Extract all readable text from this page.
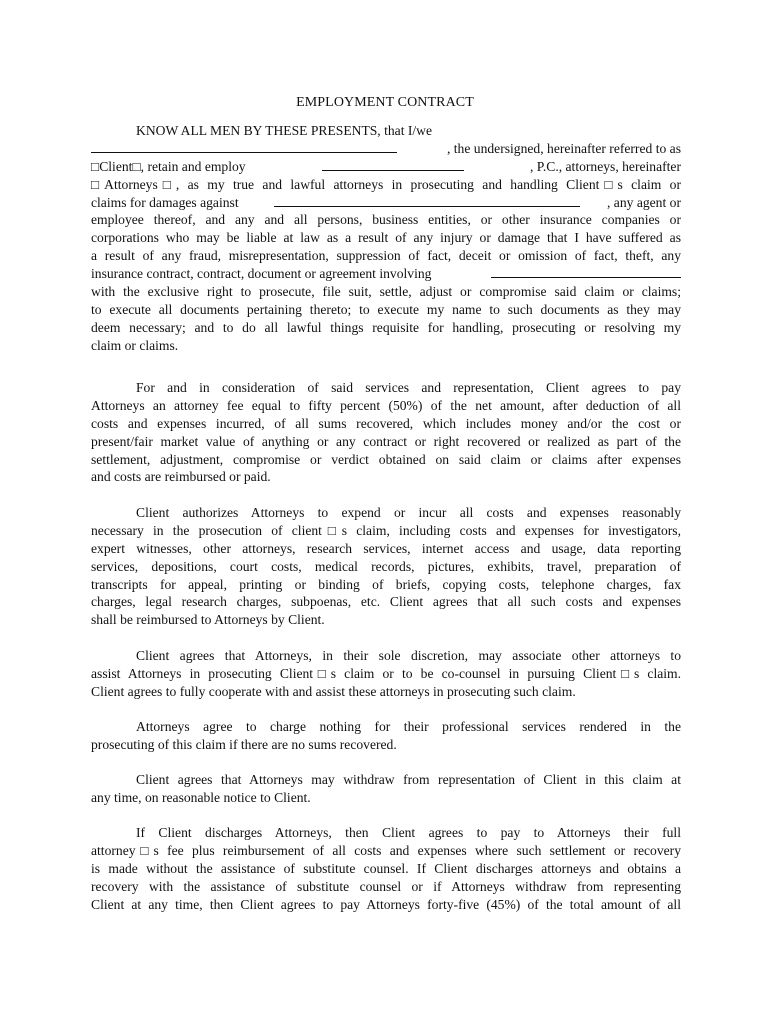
EMPLOYMENT CONTRACT
KNOW ALL MEN BY THESE PRESENTS, that I/we
, the undersigned, hereinafter referred to as
□Client□, retain and employ	, P.C., attorneys, hereinafter
□Attorneys□, as my true and lawful attorneys in prosecuting and handling Client□s claim or
claims for damages against	, any agent or
employee thereof, and any and all persons, business entities, or other insurance companies or
corporations who may be liable at law as a result of any injury or damage that I have suffered as
a result of any fraud, misrepresentation, suppression of fact, deceit or omission of fact, theft, any
insurance contract, contract, document or agreement involving
with the exclusive right to prosecute, file suit, settle, adjust or compromise said claim or claims;
to execute all documents pertaining thereto; to execute my name to such documents as they may
deem necessary; and to do all lawful things requisite for handling, prosecuting or resolving my
claim or claims.
For and in consideration of said services and representation, Client agrees to pay
Attorneys an attorney fee equal to fifty percent (50%) of the net amount, after deduction of all
costs and expenses incurred, of all sums recovered, which includes money and/or the cost or
present/fair market value of anything or any contract or right recovered or realized as part of the
settlement, adjustment, compromise or verdict obtained on said claim or claims after expenses
and costs are reimbursed or paid.
Client authorizes Attorneys to expend or incur all costs and expenses reasonably
necessary in the prosecution of client□s claim, including costs and expenses for investigators,
expert witnesses, other attorneys, research services, internet access and usage, data reporting
services, depositions, court costs, medical records, pictures, exhibits, travel, preparation of
transcripts for appeal, printing or binding of briefs, copying costs, telephone charges, fax
charges, legal research charges, subpoenas, etc. Client agrees that all such costs and expenses
shall be reimbursed to Attorneys by Client.
Client agrees that Attorneys, in their sole discretion, may associate other attorneys to
assist Attorneys in prosecuting Client□s claim or to be co-counsel in pursuing Client□s claim.
Client agrees to fully cooperate with and assist these attorneys in prosecuting such claim.
Attorneys agree to charge nothing for their professional services rendered in the
prosecuting of this claim if there are no sums recovered.
Client agrees that Attorneys may withdraw from representation of Client in this claim at
any time, on reasonable notice to Client.
If Client discharges Attorneys, then Client agrees to pay to Attorneys their full
attorney□s fee plus reimbursement of all costs and expenses where such settlement or recovery
is made without the assistance of substitute counsel. If Client discharges attorneys and obtains a
recovery with the assistance of substitute counsel or if Attorneys withdraw from representing
Client at any time, then Client agrees to pay Attorneys forty-five (45%) of the total amount of all
